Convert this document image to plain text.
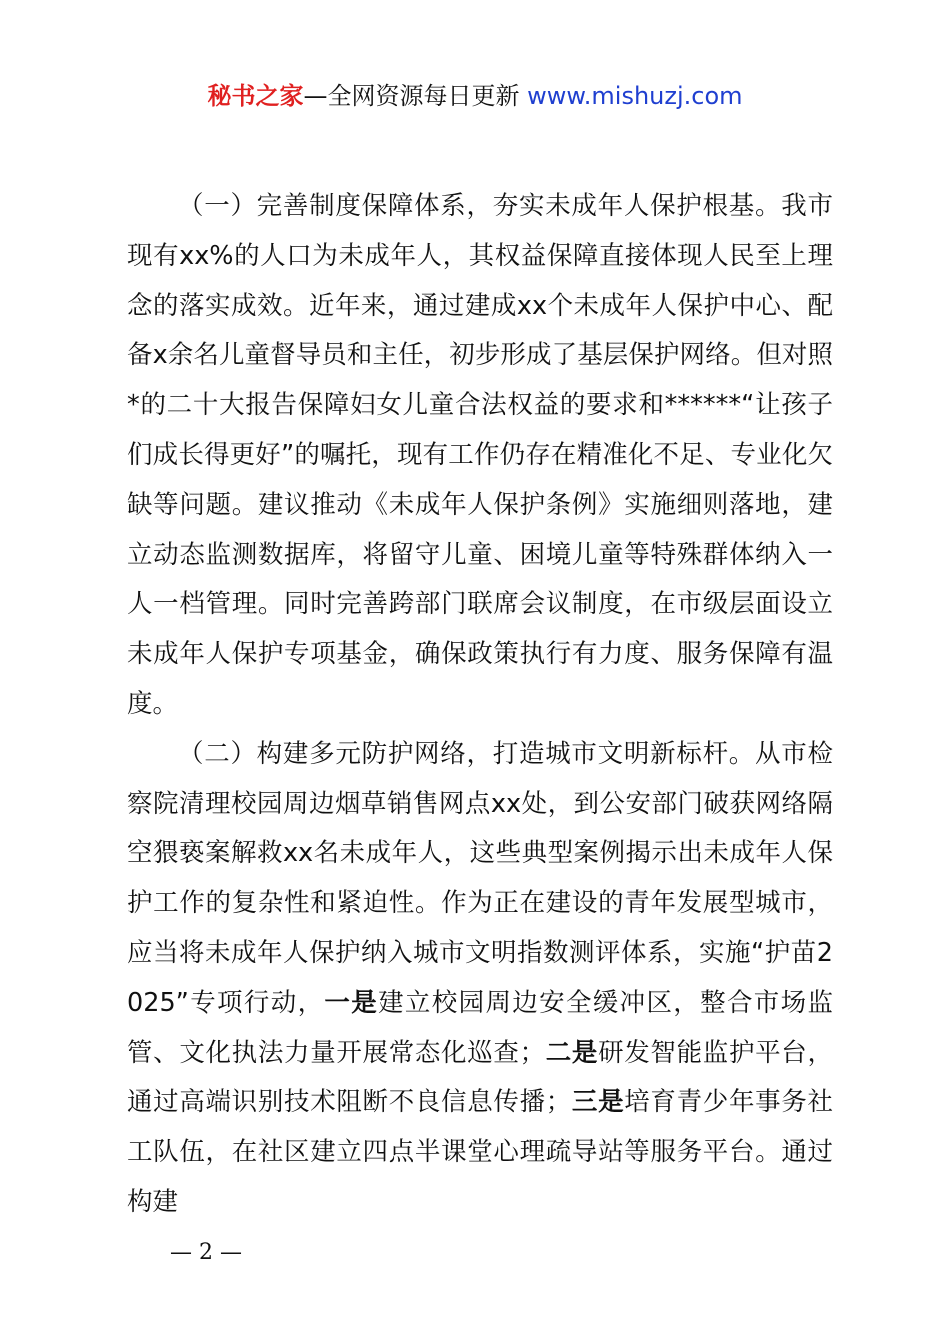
秘书之家—全网资源每日更新 www.mishuzj.com

（一）完善制度保障体系，夯实未成年人保护根基。我市现有xx%的人口为未成年人，其权益保障直接体现人民至上理念的落实成效。近年来，通过建成xx个未成年人保护中心、配备x余名儿童督导员和主任，初步形成了基层保护网络。但对照*的二十大报告保障妇女儿童合法权益的要求和******“让孩子们成长得更好”的嘱托，现有工作仍存在精准化不足、专业化欠缺等问题。建议推动《未成年人保护条例》实施细则落地，建立动态监测数据库，将留守儿童、困境儿童等特殊群体纳入一人一档管理。同时完善跨部门联席会议制度，在市级层面设立未成年人保护专项基金，确保政策执行有力度、服务保障有温度。

（二）构建多元防护网络，打造城市文明新标杆。从市检察院清理校园周边烟草销售网点xx处，到公安部门破获网络隔空猥亵案解救xx名未成年人，这些典型案例揭示出未成年人保护工作的复杂性和紧迫性。作为正在建设的青年发展型城市，应当将未成年人保护纳入城市文明指数测评体系，实施“护苗2025”专项行动，一是建立校园周边安全缓冲区，整合市场监管、文化执法力量开展常态化巡查；二是研发智能监护平台，通过高端识别技术阻断不良信息传播；三是培育青少年事务社工队伍，在社区建立四点半课堂心理疏导站等服务平台。通过构建

— 2 —
